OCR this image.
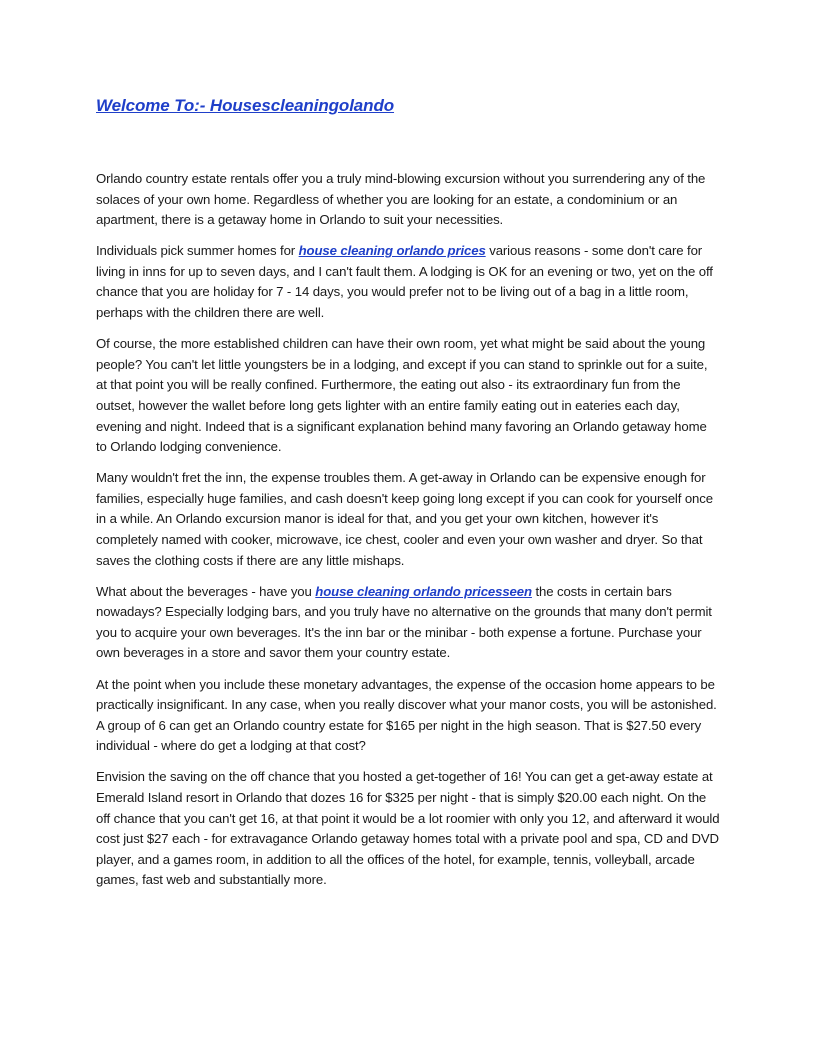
Welcome To:- Housescleaningolando

Orlando country estate rentals offer you a truly mind-blowing excursion without you surrendering any of the solaces of your own home. Regardless of whether you are looking for an estate, a condominium or an apartment, there is a getaway home in Orlando to suit your necessities.

Individuals pick summer homes for house cleaning orlando prices various reasons - some don't care for living in inns for up to seven days, and I can't fault them. A lodging is OK for an evening or two, yet on the off chance that you are holiday for 7 - 14 days, you would prefer not to be living out of a bag in a little room, perhaps with the children there are well.

Of course, the more established children can have their own room, yet what might be said about the young people? You can't let little youngsters be in a lodging, and except if you can stand to sprinkle out for a suite, at that point you will be really confined. Furthermore, the eating out also - its extraordinary fun from the outset, however the wallet before long gets lighter with an entire family eating out in eateries each day, evening and night. Indeed that is a significant explanation behind many favoring an Orlando getaway home to Orlando lodging convenience.

Many wouldn't fret the inn, the expense troubles them. A get-away in Orlando can be expensive enough for families, especially huge families, and cash doesn't keep going long except if you can cook for yourself once in a while. An Orlando excursion manor is ideal for that, and you get your own kitchen, however it's completely named with cooker, microwave, ice chest, cooler and even your own washer and dryer. So that saves the clothing costs if there are any little mishaps.

What about the beverages - have you house cleaning orlando pricesseen the costs in certain bars nowadays? Especially lodging bars, and you truly have no alternative on the grounds that many don't permit you to acquire your own beverages. It's the inn bar or the minibar - both expense a fortune. Purchase your own beverages in a store and savor them your country estate.

At the point when you include these monetary advantages, the expense of the occasion home appears to be practically insignificant. In any case, when you really discover what your manor costs, you will be astonished. A group of 6 can get an Orlando country estate for $165 per night in the high season. That is $27.50 every individual - where do get a lodging at that cost?

Envision the saving on the off chance that you hosted a get-together of 16! You can get a get-away estate at Emerald Island resort in Orlando that dozes 16 for $325 per night - that is simply $20.00 each night. On the off chance that you can't get 16, at that point it would be a lot roomier with only you 12, and afterward it would cost just $27 each - for extravagance Orlando getaway homes total with a private pool and spa, CD and DVD player, and a games room, in addition to all the offices of the hotel, for example, tennis, volleyball, arcade games, fast web and substantially more.
